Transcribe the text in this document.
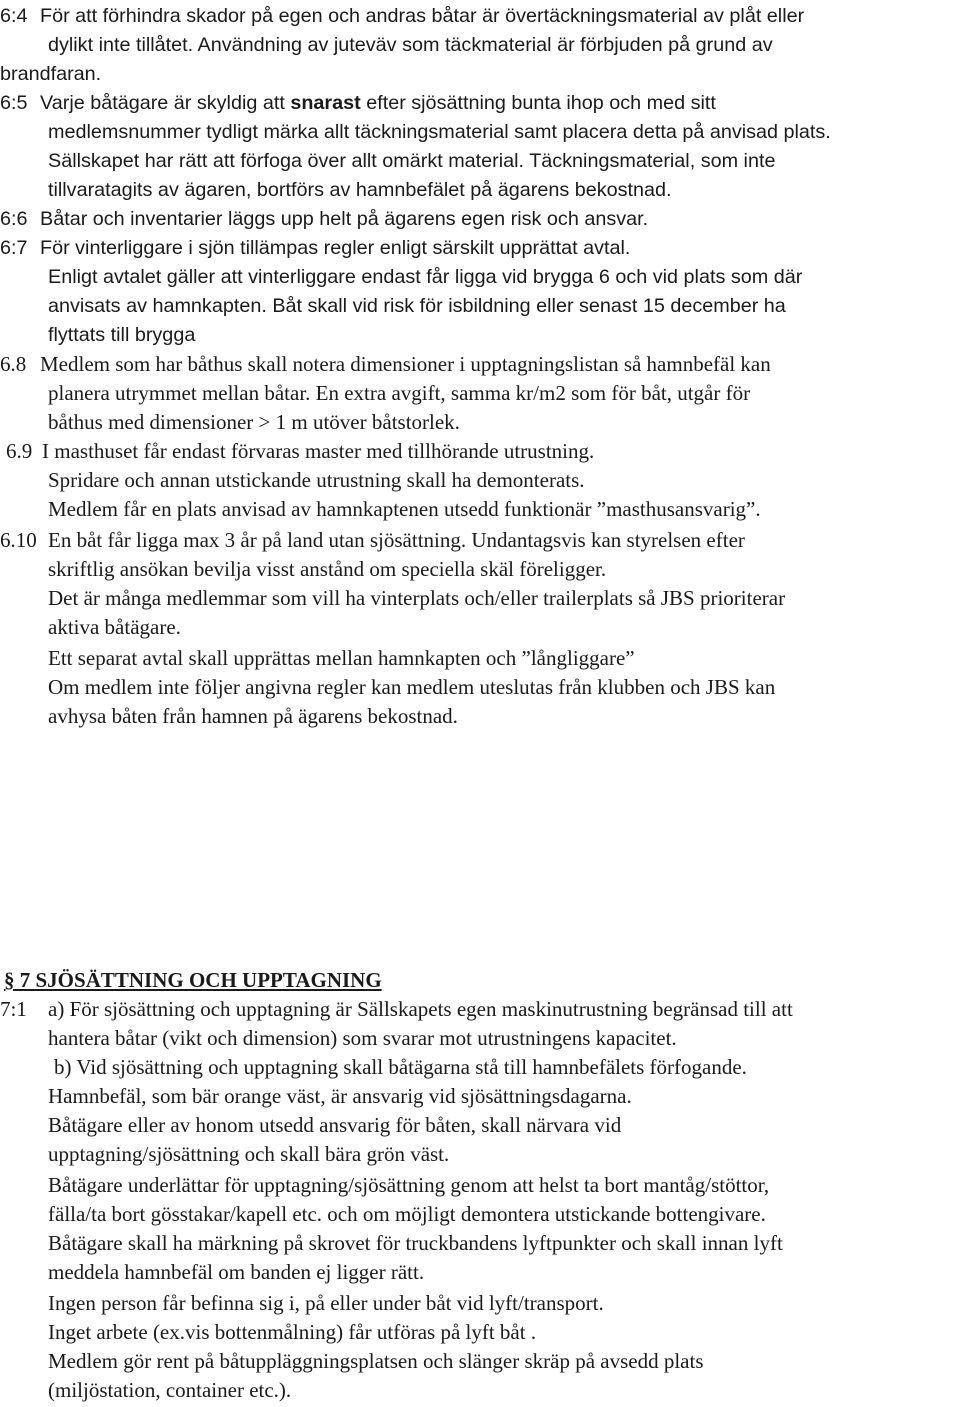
6:4 För att förhindra skador på egen och andras båtar är övertäckningsmaterial av plåt eller
dylikt inte tillåtet. Användning av juteväv som täckmaterial är förbjuden på grund av
brandfaran.
6:5 Varje båtägare är skyldig att snarast efter sjösättning bunta ihop och med sitt
medlemsnummer tydligt märka allt täckningsmaterial samt placera detta på anvisad plats.
Sällskapet har rätt att förfoga över allt omärkt material. Täckningsmaterial, som inte
tillvaratagits av ägaren, bortförs av hamnbefälet på ägarens bekostnad.
6:6 Båtar och inventarier läggs upp helt på ägarens egen risk och ansvar.
6:7 För vinterliggare i sjön tillämpas regler enligt särskilt upprättat avtal.
Enligt avtalet gäller att vinterliggare endast får ligga vid brygga 6 och vid plats som där
anvisats av hamnkapten. Båt skall vid risk för isbildning eller senast 15 december ha
flyttats till brygga
6.8 Medlem som har båthus skall notera dimensioner i upptagningslistan så hamnbefäl kan
planera utrymmet mellan båtar. En extra avgift, samma kr/m2 som för båt, utgår för
båthus med dimensioner > 1 m utöver båtstorlek.
6.9 I masthuset får endast förvaras master med tillhörande utrustning.
Spridare och annan utstickande utrustning skall ha demonterats.
Medlem får en plats anvisad av hamnkaptenen utsedd funktionär ”masthusansvarig”.
6.10 En båt får ligga max 3 år på land utan sjösättning. Undantagsvis kan styrelsen efter
skriftlig ansökan bevilja visst anstånd om speciella skäl föreligger.
Det är många medlemmar som vill ha vinterplats och/eller trailerplats så JBS prioriterar
aktiva båtägare.
Ett separat avtal skall upprättas mellan hamnkapten och ”långliggare”
Om medlem inte följer angivna regler kan medlem uteslutas från klubben och JBS kan
avhysa båten från hamnen på ägarens bekostnad.
§ 7 SJÖSÄTTNING OCH UPPTAGNING
7:1 a) För sjösättning och upptagning är Sällskapets egen maskinutrustning begränsad till att
hantera båtar (vikt och dimension) som svarar mot utrustningens kapacitet.
b) Vid sjösättning och upptagning skall båtägarna stå till hamnbefälets förfogande.
Hamnbefäl, som bär orange väst, är ansvarig vid sjösättningsdagarna.
Båtägare eller av honom utsedd ansvarig för båten, skall närvara vid
upptagning/sjösättning och skall bära grön väst.
Båtägare underlättar för upptagning/sjösättning genom att helst ta bort mantåg/stöttor,
fälla/ta bort gösstakar/kapell etc. och om möjligt demontera utstickande bottengivare.
Båtägare skall ha märkning på skrovet för truckbandens lyftpunkter och skall innan lyft
meddela hamnbefäl om banden ej ligger rätt.
Ingen person får befinna sig i, på eller under båt vid lyft/transport.
Inget arbete (ex.vis bottenmålning) får utföras på lyft båt .
Medlem gör rent på båtuppläggningsplatsen och slänger skräp på avsedd plats
(miljöstation, container etc.).
